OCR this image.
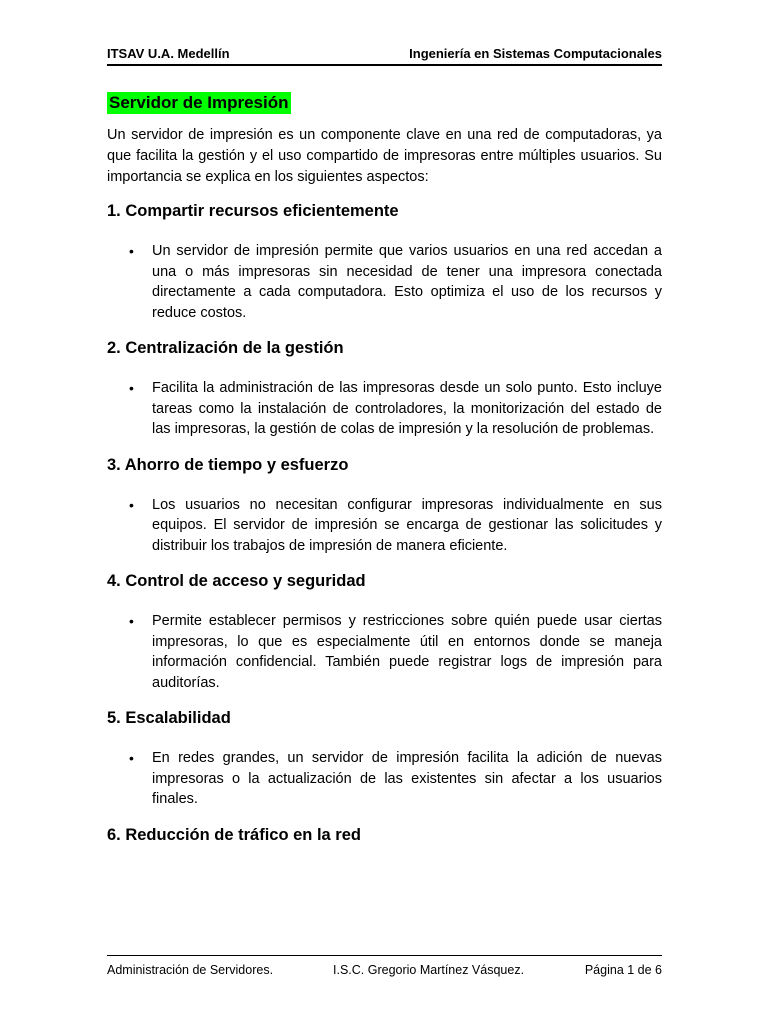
ITSAV U.A. Medellín	Ingeniería en Sistemas Computacionales
Servidor de Impresión

Un servidor de impresión es un componente clave en una red de computadoras, ya que facilita la gestión y el uso compartido de impresoras entre múltiples usuarios. Su importancia se explica en los siguientes aspectos:

1. Compartir recursos eficientemente
• Un servidor de impresión permite que varios usuarios en una red accedan a una o más impresoras sin necesidad de tener una impresora conectada directamente a cada computadora. Esto optimiza el uso de los recursos y reduce costos.
2. Centralización de la gestión
• Facilita la administración de las impresoras desde un solo punto. Esto incluye tareas como la instalación de controladores, la monitorización del estado de las impresoras, la gestión de colas de impresión y la resolución de problemas.
3. Ahorro de tiempo y esfuerzo
• Los usuarios no necesitan configurar impresoras individualmente en sus equipos. El servidor de impresión se encarga de gestionar las solicitudes y distribuir los trabajos de impresión de manera eficiente.
4. Control de acceso y seguridad
• Permite establecer permisos y restricciones sobre quién puede usar ciertas impresoras, lo que es especialmente útil en entornos donde se maneja información confidencial. También puede registrar logs de impresión para auditorías.
5. Escalabilidad
• En redes grandes, un servidor de impresión facilita la adición de nuevas impresoras o la actualización de las existentes sin afectar a los usuarios finales.
6. Reducción de tráfico en la red
Administración de Servidores.	I.S.C. Gregorio Martínez Vásquez.	Página 1 de 6
